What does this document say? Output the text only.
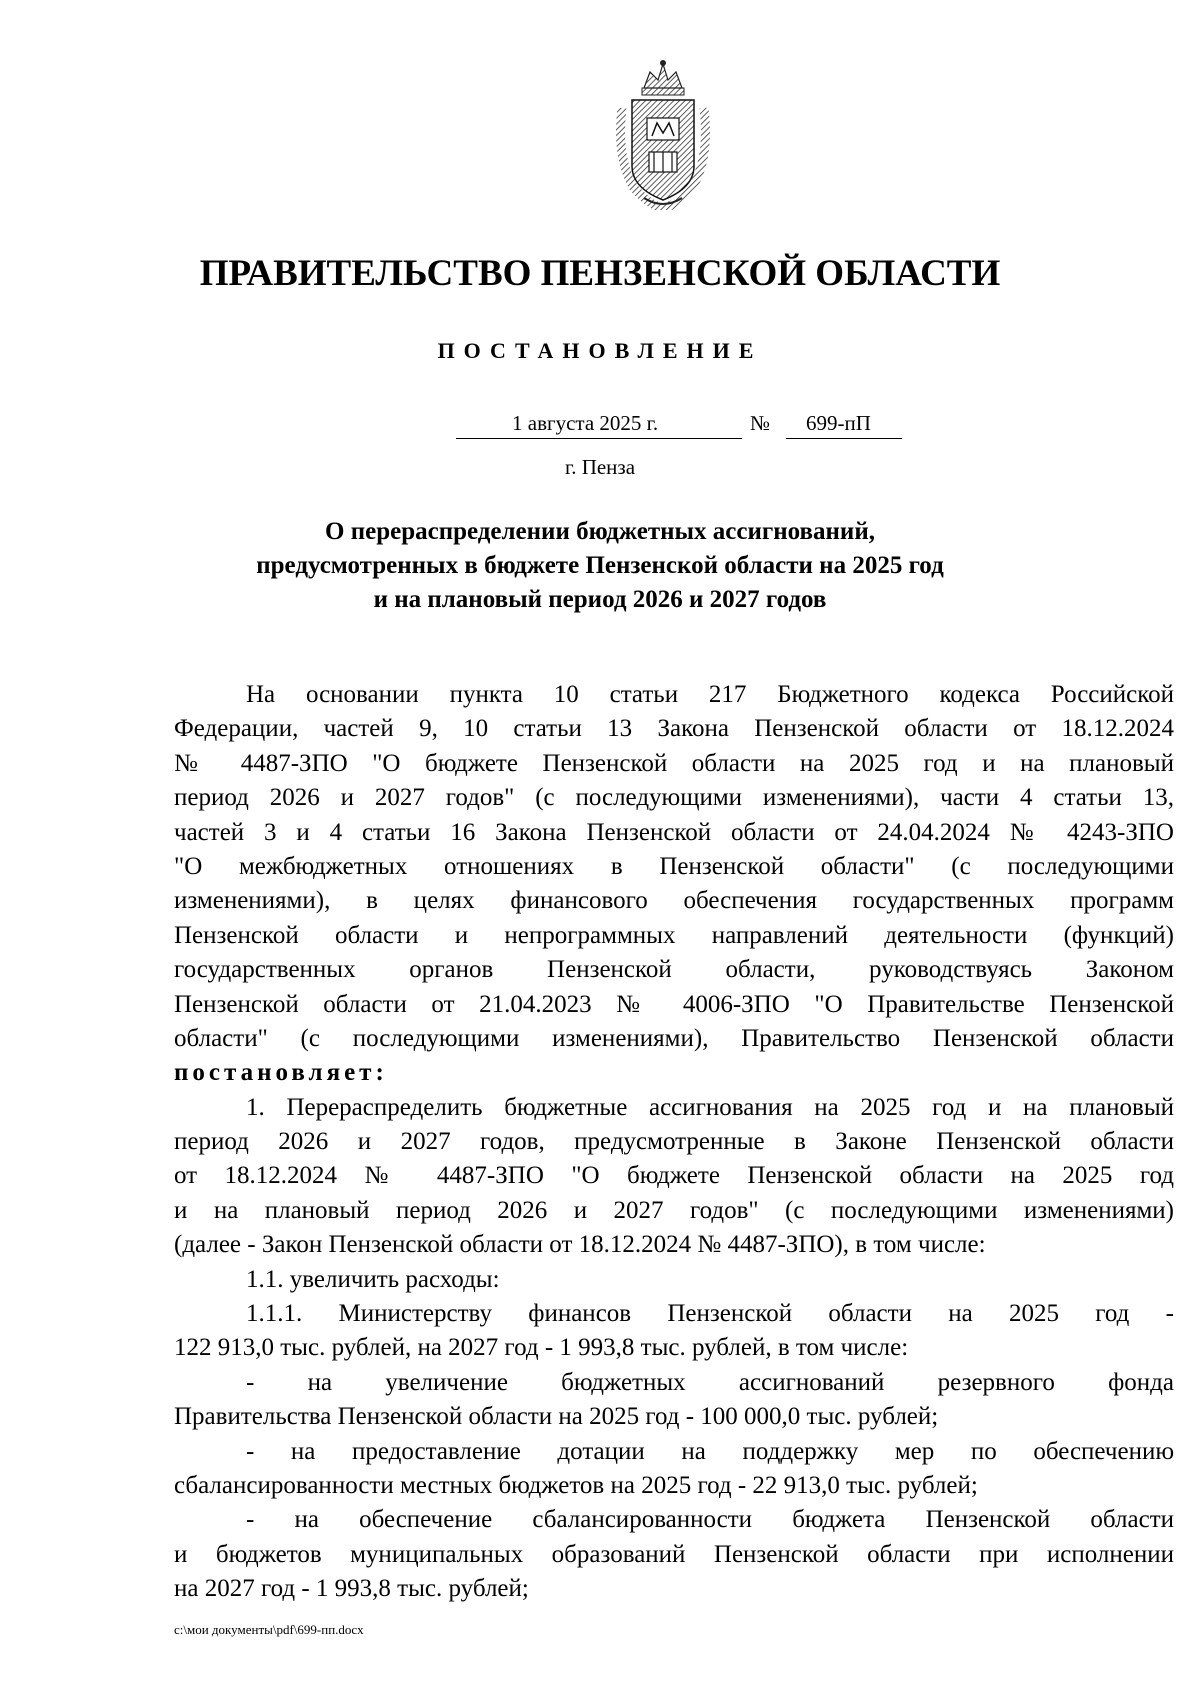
ПРАВИТЕЛЬСТВО ПЕНЗЕНСКОЙ ОБЛАСТИ
ПОСТАНОВЛЕНИЕ
1 августа 2025 г.	№	699-пП
г. Пенза
О перераспределении бюджетных ассигнований,
предусмотренных в бюджете Пензенской области на 2025 год
и на плановый период 2026 и 2027 годов
На основании пункта 10 статьи 217 Бюджетного кодекса Российской
Федерации, частей 9, 10 статьи 13 Закона Пензенской области от 18.12.2024
№ 4487-ЗПО "О бюджете Пензенской области на 2025 год и на плановый
период 2026 и 2027 годов" (с последующими изменениями), части 4 статьи 13,
частей 3 и 4 статьи 16 Закона Пензенской области от 24.04.2024 № 4243-ЗПО
"О межбюджетных отношениях в Пензенской области" (с последующими
изменениями), в целях финансового обеспечения государственных программ
Пензенской области и непрограммных направлений деятельности (функций)
государственных органов Пензенской области, руководствуясь Законом
Пензенской области от 21.04.2023 № 4006-ЗПО "О Правительстве Пензенской
области" (с последующими изменениями), Правительство Пензенской области
постановляет:
1. Перераспределить бюджетные ассигнования на 2025 год и на плановый
период 2026 и 2027 годов, предусмотренные в Законе Пензенской области
от 18.12.2024 № 4487-ЗПО "О бюджете Пензенской области на 2025 год
и на плановый период 2026 и 2027 годов" (с последующими изменениями)
(далее - Закон Пензенской области от 18.12.2024 № 4487-ЗПО), в том числе:
1.1. увеличить расходы:
1.1.1. Министерству финансов Пензенской области на 2025 год -
122 913,0 тыс. рублей, на 2027 год - 1 993,8 тыс. рублей, в том числе:
- на увеличение бюджетных ассигнований резервного фонда
Правительства Пензенской области на 2025 год - 100 000,0 тыс. рублей;
- на предоставление дотации на поддержку мер по обеспечению
сбалансированности местных бюджетов на 2025 год - 22 913,0 тыс. рублей;
- на обеспечение сбалансированности бюджета Пензенской области
и бюджетов муниципальных образований Пензенской области при исполнении
на 2027 год - 1 993,8 тыс. рублей;
c:\мои документы\pdf\699-пп.docx
